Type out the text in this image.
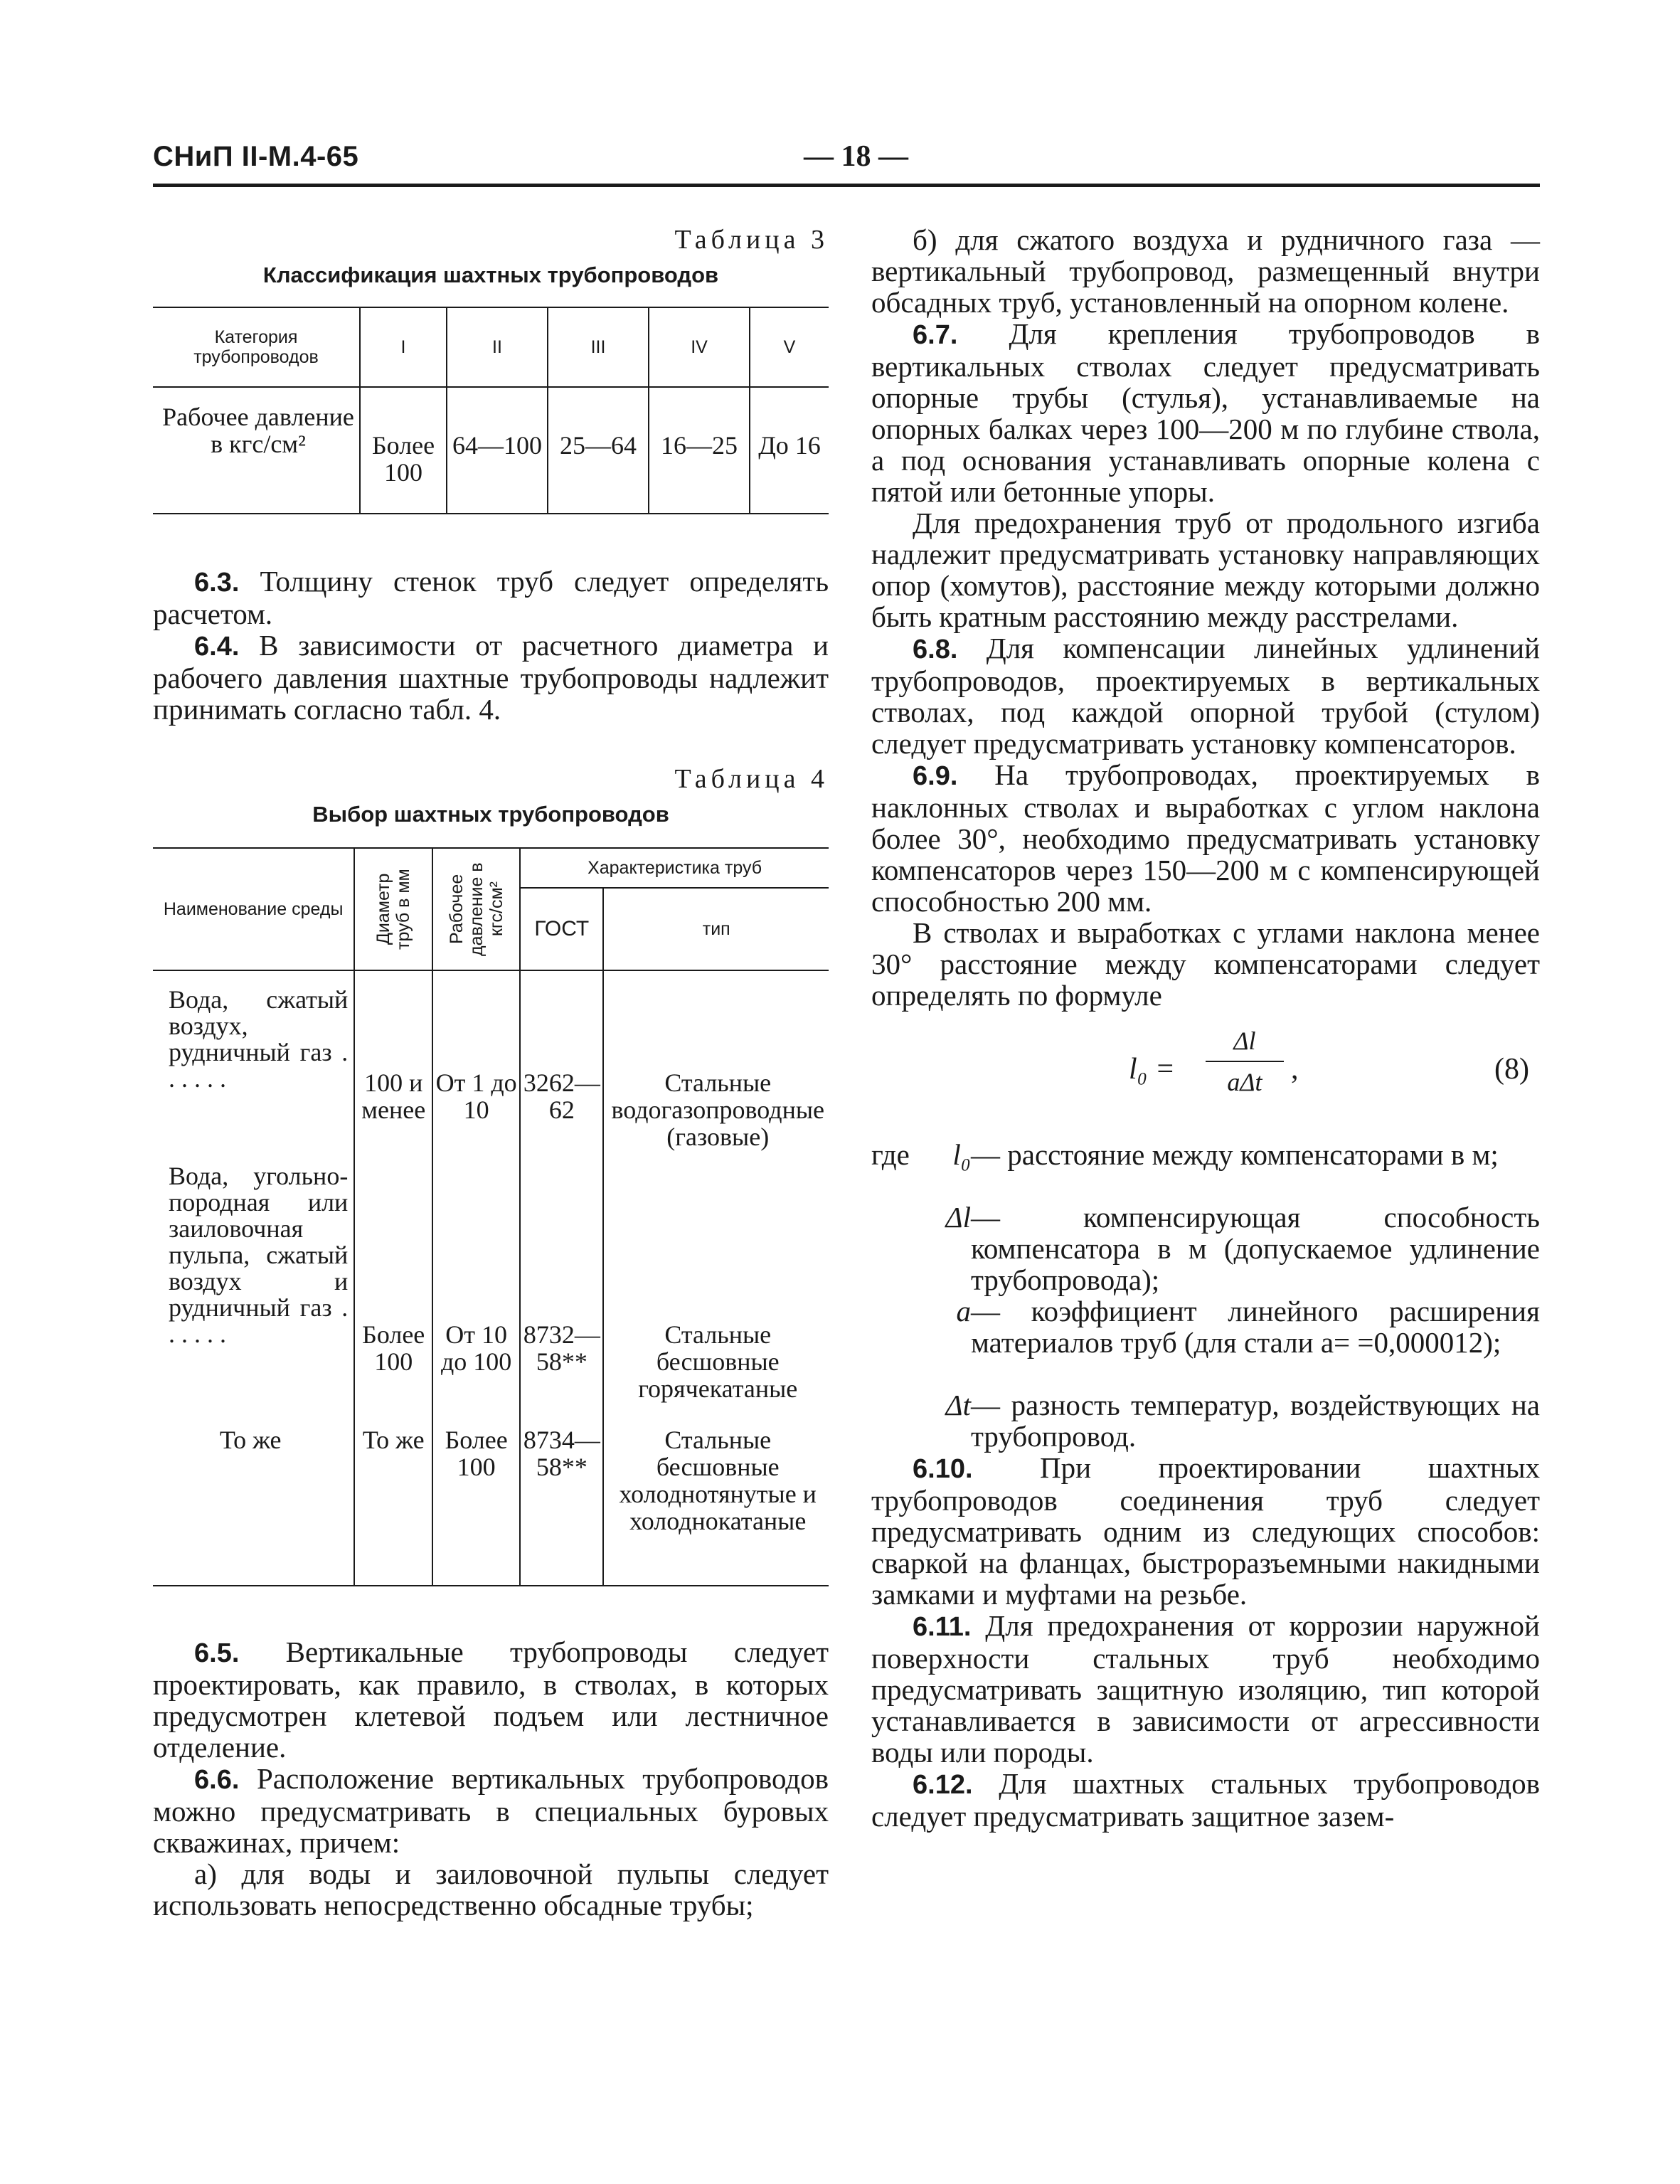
СНиП II-М.4-65	— 18 —
Таблица 3
Классификация шахтных трубопроводов
Категория трубопроводов	I	II	III	IV	V
Рабочее давление в кгс/см²	Более 100	64—100	25—64	16—25	До 16

6.3. Толщину стенок труб следует определять расчетом.

6.4. В зависимости от расчетного диаметра и рабочего давления шахтные трубопроводы надлежит принимать согласно табл. 4.

Таблица 4
Выбор шахтных трубопроводов
Наименование среды	Диаметр труб в мм	Рабочее давление в кгс/см²	Характеристика труб	
			ГОСТ	тип
Вода, сжатый воздух, рудничный газ . . . . . .	100 и менее	От 1 до 10	3262—62	Стальные водогазопроводные (газовые)
Вода, угольно-породная или заиловочная пульпа, сжатый воздух и рудничный газ . . . . . .	Более 100	От 10 до 100	8732—58**	Стальные бесшовные горячекатаные
То же	То же	Более 100	8734—58**	Стальные бесшовные холоднотянутые и холоднокатаные

6.5. Вертикальные трубопроводы следует проектировать, как правило, в стволах, в которых предусмотрен клетевой подъем или лестничное отделение.

6.6. Расположение вертикальных трубопроводов можно предусматривать в специальных буровых скважинах, причем:

а) для воды и заиловочной пульпы следует использовать непосредственно обсадные трубы;

б) для сжатого воздуха и рудничного газа — вертикальный трубопровод, размещенный внутри обсадных труб, установленный на опорном колене.

6.7. Для крепления трубопроводов в вертикальных стволах следует предусматривать опорные трубы (стулья), устанавливаемые на опорных балках через 100—200 м по глубине ствола, а под основания устанавливать опорные колена с пятой или бетонные упоры.

Для предохранения труб от продольного изгиба надлежит предусматривать установку направляющих опор (хомутов), расстояние между которыми должно быть кратным расстоянию между расстрелами.

6.8. Для компенсации линейных удлинений трубопроводов, проектируемых в вертикальных стволах, под каждой опорной трубой (стулом) следует предусматривать установку компенсаторов.

6.9. На трубопроводах, проектируемых в наклонных стволах и выработках с углом наклона более 30°, необходимо предусматривать установку компенсаторов через 150—200 м с компенсирующей способностью 200 мм.

В стволах и выработках с углами наклона менее 30° расстояние между компенсаторами следует определять по формуле

l₀ =
Δl
aΔt ,	(8)
где	l₀ — расстояние между компенсаторами в м;
Δl — компенсирующая способность компенсатора в м (допускаемое удлинение трубопровода);
a — коэффициент линейного расширения материалов труб (для стали a= =0,000012);
Δt — разность температур, воздействующих на трубопровод.

6.10. При проектировании шахтных трубопроводов соединения труб следует предусматривать одним из следующих способов: сваркой на фланцах, быстроразъемными накидными замками и муфтами на резьбе.

6.11. Для предохранения от коррозии наружной поверхности стальных труб необходимо предусматривать защитную изоляцию, тип которой устанавливается в зависимости от агрессивности воды или породы.

6.12. Для шахтных стальных трубопроводов следует предусматривать защитное зазем-
